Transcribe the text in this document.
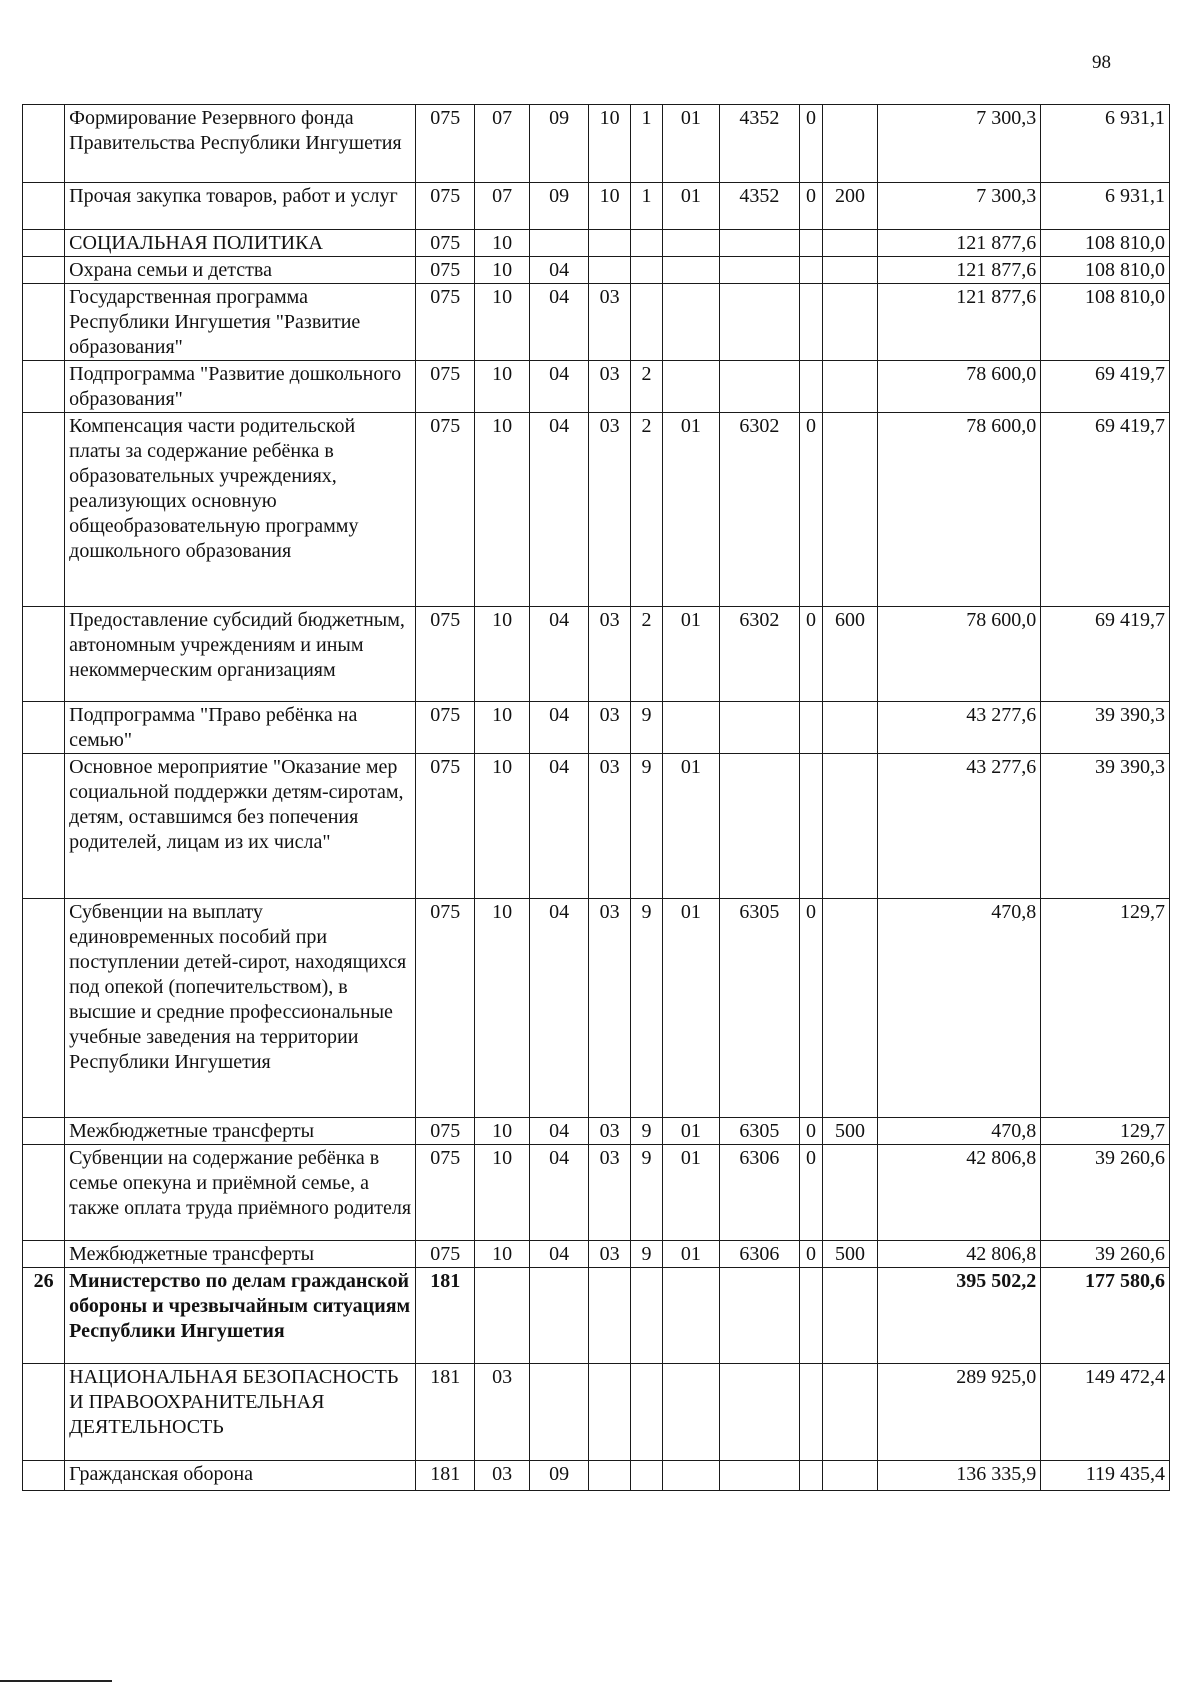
98
	Формирование Резервного фонда Правительства Республики Ингушетия	075	07	09	10	1	01	4352	0		7 300,3	6 931,1
	Прочая закупка товаров, работ и услуг	075	07	09	10	1	01	4352	0	200	7 300,3	6 931,1
	СОЦИАЛЬНАЯ ПОЛИТИКА	075	10								121 877,6	108 810,0
	Охрана семьи и детства	075	10	04							121 877,6	108 810,0
	Государственная программа Республики Ингушетия "Развитие образования"	075	10	04	03						121 877,6	108 810,0
	Подпрограмма "Развитие дошкольного образования"	075	10	04	03	2					78 600,0	69 419,7
	Компенсация части родительской платы за содержание ребёнка в образовательных учреждениях, реализующих основную общеобразовательную программу дошкольного образования	075	10	04	03	2	01	6302	0		78 600,0	69 419,7
	Предоставление субсидий бюджетным, автономным учреждениям и иным некоммерческим организациям	075	10	04	03	2	01	6302	0	600	78 600,0	69 419,7
	Подпрограмма "Право ребёнка на семью"	075	10	04	03	9					43 277,6	39 390,3
	Основное мероприятие "Оказание мер социальной поддержки детям-сиротам, детям, оставшимся без попечения родителей, лицам из их числа"	075	10	04	03	9	01				43 277,6	39 390,3
	Субвенции на выплату единовременных пособий при поступлении детей-сирот, находящихся под опекой (попечительством), в высшие и средние профессиональные учебные заведения на территории Республики Ингушетия	075	10	04	03	9	01	6305	0		470,8	129,7
	Межбюджетные трансферты	075	10	04	03	9	01	6305	0	500	470,8	129,7
	Субвенции на содержание ребёнка в семье опекуна и приёмной семье, а также оплата труда приёмного родителя	075	10	04	03	9	01	6306	0		42 806,8	39 260,6
	Межбюджетные трансферты	075	10	04	03	9	01	6306	0	500	42 806,8	39 260,6
26	Министерство по делам гражданской обороны и чрезвычайным ситуациям Республики Ингушетия	181									395 502,2	177 580,6
	НАЦИОНАЛЬНАЯ БЕЗОПАСНОСТЬ И ПРАВООХРАНИТЕЛЬНАЯ ДЕЯТЕЛЬНОСТЬ	181	03								289 925,0	149 472,4
	Гражданская оборона	181	03	09							136 335,9	119 435,4
